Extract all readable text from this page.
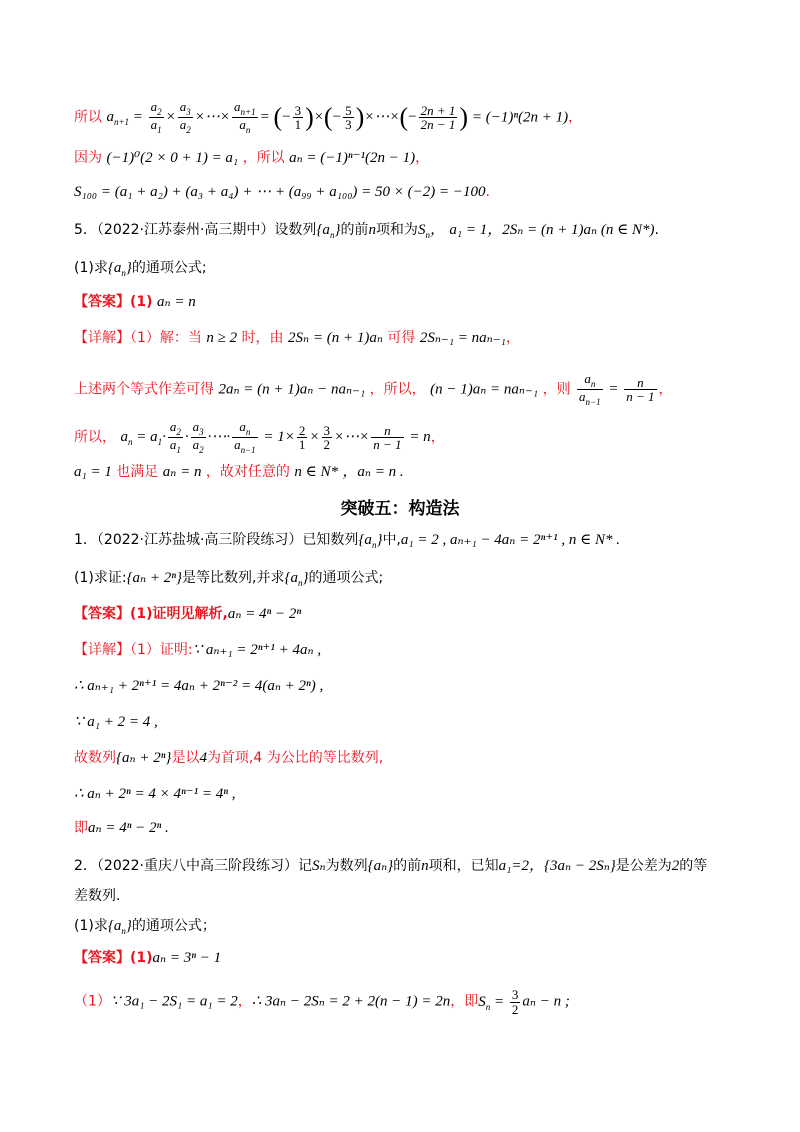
所以 $a_{n+1} = \frac{a_2}{a_1} \times \frac{a_3}{a_2}$ ×⋯× $\frac{a_{n+1}}{a_n}$ = (− $\frac{3}{1}$ )×(− $\frac{5}{3}$ )×⋯×(− $\frac{2n + 1}{2n - 1}$ ) = (−1)ⁿ(2n + 1)，
因为 (−1)⁰(2 × 0 + 1) = a₁ ，所以 aₙ = (−1)ⁿ⁻¹(2n − 1)，
S₁₀₀ = (a₁ + a₂) + (a₃ + a₄) + ⋯ + (a₉₉ + a₁₀₀) = 50 × (−2) = −100.
5．（2022·江苏泰州·高三期中）设数列$\{a_n\}$的前n项和为$S_n$， a₁ = 1，2Sₙ = (n + 1)aₙ (n ∈ N*).
(1)求$\{a_n\}$的通项公式;
【答案】(1) aₙ = n
【详解】（1）解：当 n ≥ 2 时，由 2Sₙ = (n + 1)aₙ 可得 2Sₙ₋₁ = naₙ₋₁，
上述两个等式作差可得 2aₙ = (n + 1)aₙ − naₙ₋₁ ，所以， (n − 1)aₙ = naₙ₋₁ ，则 $\frac{a_n}{a_{n-1}} = \frac{n}{n - 1}$ ，
所以， $a_n = a_1\cdot \frac{a_2}{a_1} \cdot \frac{a_3}{a_2}$ ·⋯· $\frac{a_n}{a_{n-1}} = 1\times \frac{2}{1} \times \frac{3}{2}$ ×⋯× $\frac{n}{n - 1} = n$，
a₁ = 1 也满足 aₙ = n ，故对任意的 n ∈ N* ，aₙ = n .
突破五：构造法
1．（2022·江苏盐城·高三阶段练习）已知数列$\{a_n\}$中,a₁ = 2 , aₙ₊₁ − 4aₙ = 2ⁿ⁺¹ , n ∈ N* .
(1)求证:{aₙ + 2ⁿ}是等比数列,并求$\{a_n\}$的通项公式;
【答案】(1)证明见解析,aₙ = 4ⁿ − 2ⁿ
【详解】（1）证明:∵ aₙ₊₁ = 2ⁿ⁺¹ + 4aₙ ,
∴ aₙ₊₁ + 2ⁿ⁺¹ = 4aₙ + 2ⁿ⁻² = 4(aₙ + 2ⁿ) ,
∵ a₁ + 2 = 4 ,
故数列{aₙ + 2ⁿ}是以4为首项,4 为公比的等比数列,
∴ aₙ + 2ⁿ = 4 × 4ⁿ⁻¹ = 4ⁿ ,
即aₙ = 4ⁿ − 2ⁿ .
2．（2022·重庆八中高三阶段练习）记Sₙ为数列{aₙ}的前n项和，已知a₁=2，{3aₙ − 2Sₙ}是公差为2的等
差数列.
(1)求$\{a_n\}$的通项公式；
【答案】(1)aₙ = 3ⁿ − 1
（1）∵ 3a₁ − 2S₁ = a₁ = 2，∴ 3aₙ − 2Sₙ = 2 + 2(n − 1) = 2n，即$S_n = \frac{3}{2}$ aₙ − n ;
